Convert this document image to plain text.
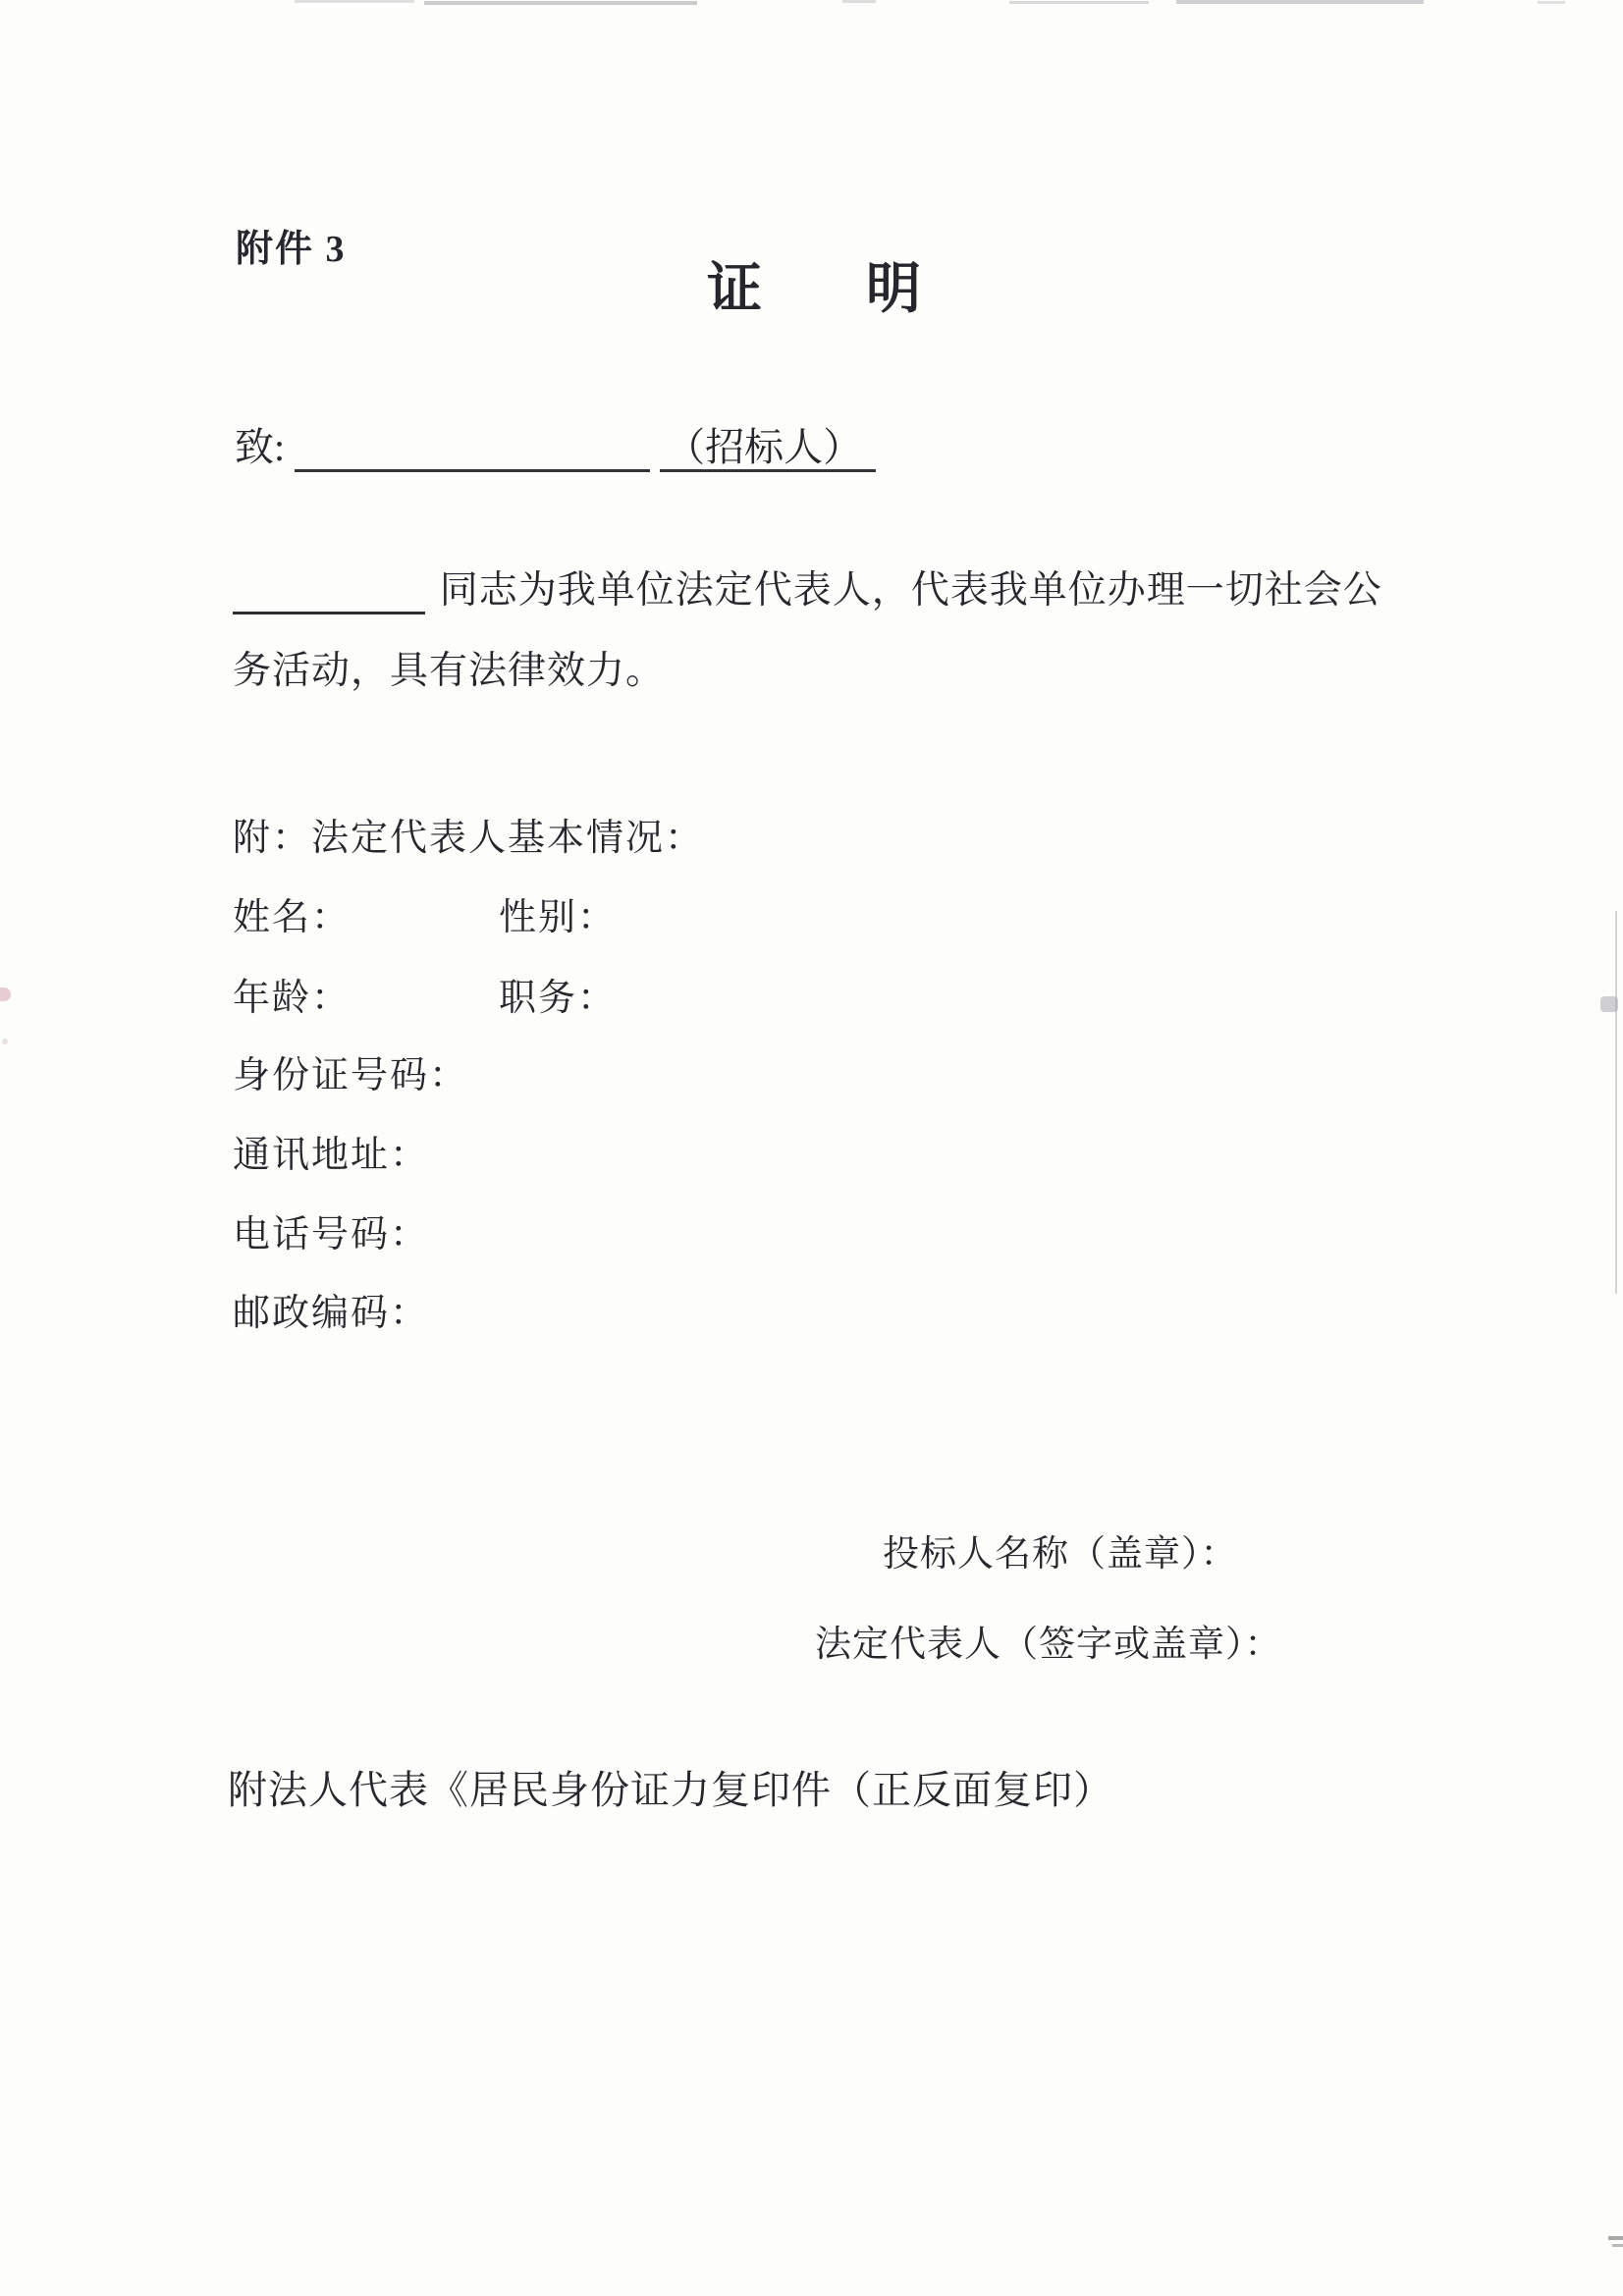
附件 3
证 明
致:	（招标人）
同志为我单位法定代表人，代表我单位办理一切社会公
务活动，具有法律效力。
附：法定代表人基本情况：
姓名：	性别：
年龄：	职务：
身份证号码：
通讯地址：
电话号码：
邮政编码：
投标人名称（盖章）：
法定代表人（签字或盖章）：
附法人代表《居民身份证力复印件（正反面复印）
